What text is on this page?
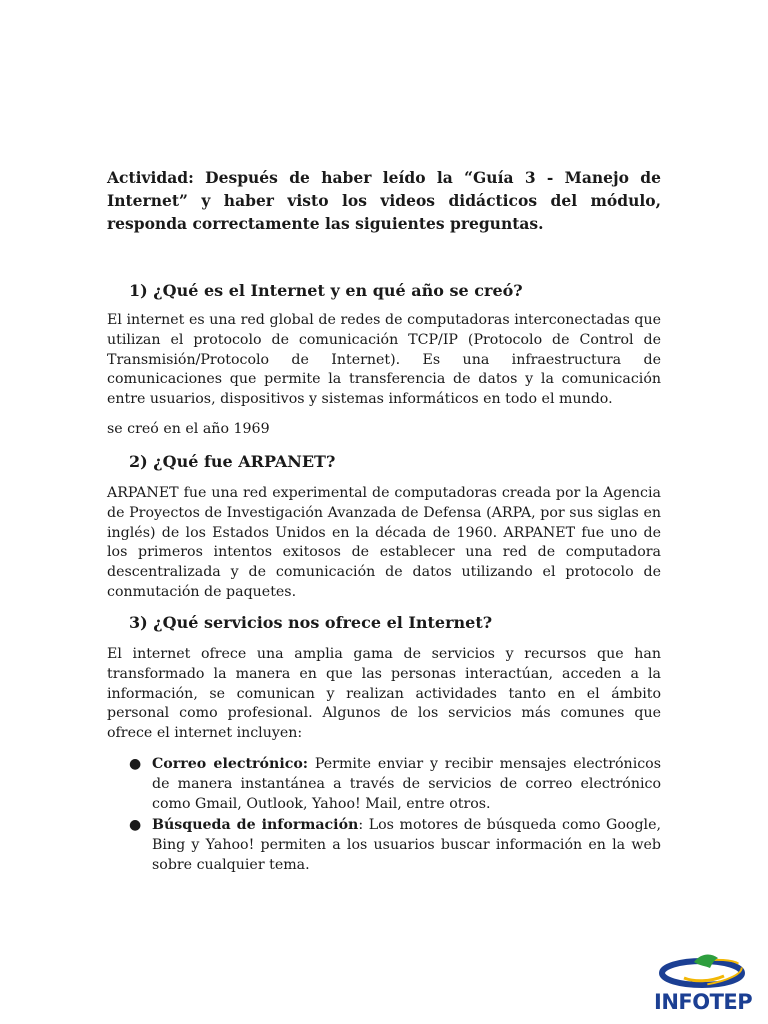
Actividad: Después de haber leído la “Guía 3 - Manejo de Internet” y haber visto los videos didácticos del módulo, responda correctamente las siguientes preguntas.
1) ¿Qué es el Internet y en qué año se creó?
El internet es una red global de redes de computadoras interconectadas que utilizan el protocolo de comunicación TCP/IP (Protocolo de Control de Transmisión/Protocolo de Internet). Es una infraestructura de comunicaciones que permite la transferencia de datos y la comunicación entre usuarios, dispositivos y sistemas informáticos en todo el mundo.
se creó en el año 1969
2) ¿Qué fue ARPANET?
ARPANET fue una red experimental de computadoras creada por la Agencia de Proyectos de Investigación Avanzada de Defensa (ARPA, por sus siglas en inglés) de los Estados Unidos en la década de 1960. ARPANET fue uno de los primeros intentos exitosos de establecer una red de computadora descentralizada y de comunicación de datos utilizando el protocolo de conmutación de paquetes.
3) ¿Qué servicios nos ofrece el Internet?
El internet ofrece una amplia gama de servicios y recursos que han transformado la manera en que las personas interactúan, acceden a la información, se comunican y realizan actividades tanto en el ámbito personal como profesional. Algunos de los servicios más comunes que ofrece el internet incluyen:
● Correo electrónico: Permite enviar y recibir mensajes electrónicos de manera instantánea a través de servicios de correo electrónico como Gmail, Outlook, Yahoo! Mail, entre otros.
● Búsqueda de información: Los motores de búsqueda como Google, Bing y Yahoo! permiten a los usuarios buscar información en la web sobre cualquier tema.
INFOTEP
